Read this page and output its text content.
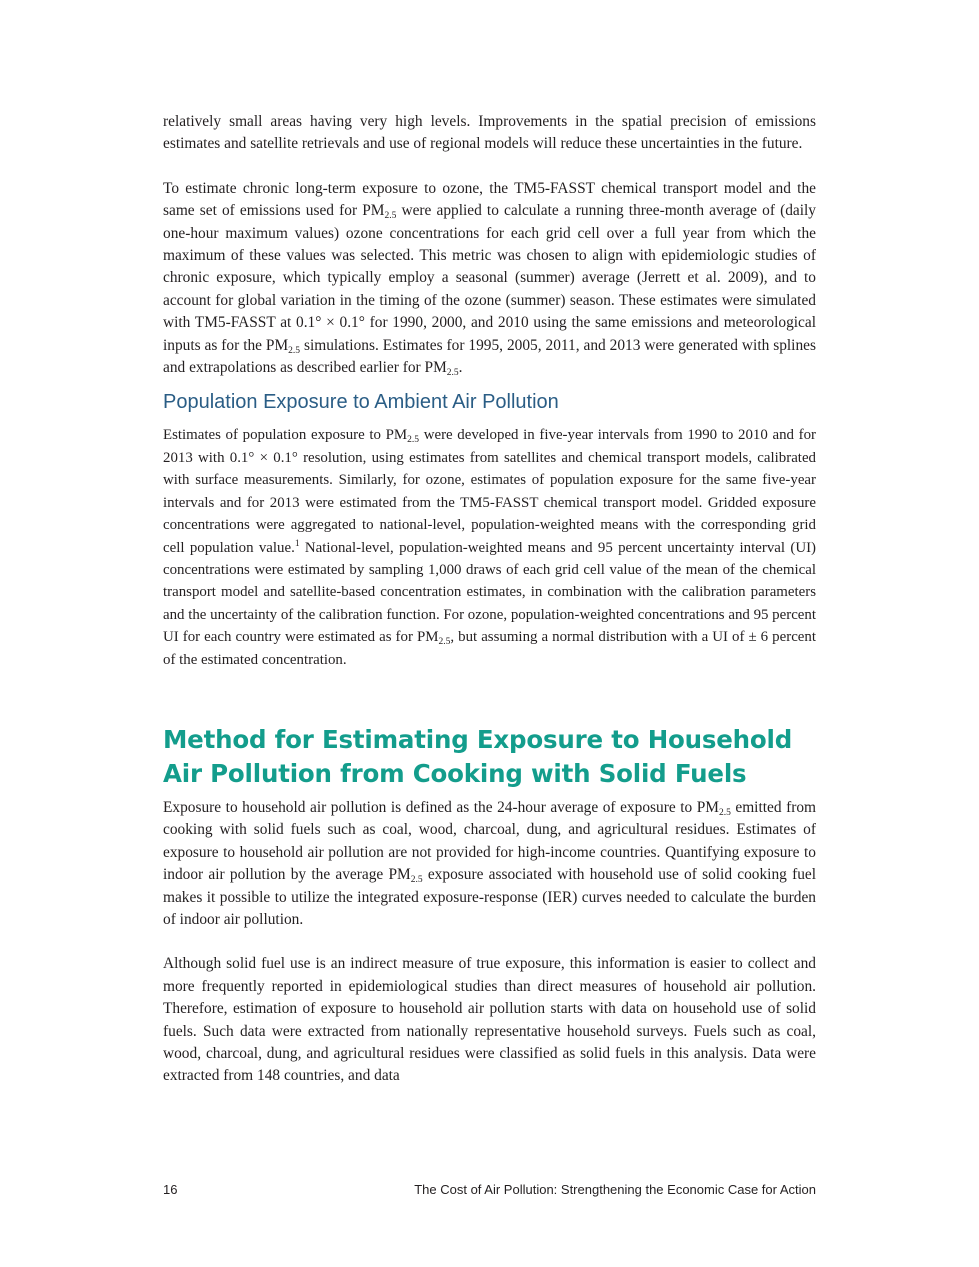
relatively small areas having very high levels. Improvements in the spatial precision of emissions estimates and satellite retrievals and use of regional models will reduce these uncertainties in the future.

To estimate chronic long-term exposure to ozone, the TM5-FASST chemical transport model and the same set of emissions used for $PM_{2.5}$ were applied to calculate a running three-month average of (daily one-hour maximum values) ozone concentrations for each grid cell over a full year from which the maximum of these values was selected. This metric was chosen to align with epidemiologic studies of chronic exposure, which typically employ a seasonal (summer) average (Jerrett et al. 2009), and to account for global variation in the timing of the ozone (summer) season. These estimates were simulated with TM5-FASST at 0.1° × 0.1° for 1990, 2000, and 2010 using the same emissions and meteorological inputs as for the $PM_{2.5}$ simulations. Estimates for 1995, 2005, 2011, and 2013 were generated with splines and extrapolations as described earlier for $PM_{2.5}$.

Population Exposure to Ambient Air Pollution

Estimates of population exposure to $PM_{2.5}$ were developed in five-year intervals from 1990 to 2010 and for 2013 with 0.1° × 0.1° resolution, using estimates from satellites and chemical transport models, calibrated with surface measurements. Similarly, for ozone, estimates of population exposure for the same five-year intervals and for 2013 were estimated from the TM5-FASST chemical transport model. Gridded exposure concentrations were aggregated to national-level, population-weighted means with the corresponding grid cell population value.$^1$ National-level, population-weighted means and 95 percent uncertainty interval (UI) concentrations were estimated by sampling 1,000 draws of each grid cell value of the mean of the chemical transport model and satellite-based concentration estimates, in combination with the calibration parameters and the uncertainty of the calibration function. For ozone, population-weighted concentrations and 95 percent UI for each country were estimated as for $PM_{2.5}$, but assuming a normal distribution with a UI of ± 6 percent of the estimated concentration.

Method for Estimating Exposure to Household Air Pollution from Cooking with Solid Fuels

Exposure to household air pollution is defined as the 24-hour average of exposure to $PM_{2.5}$ emitted from cooking with solid fuels such as coal, wood, charcoal, dung, and agricultural residues. Estimates of exposure to household air pollution are not provided for high-income countries. Quantifying exposure to indoor air pollution by the average $PM_{2.5}$ exposure associated with household use of solid cooking fuel makes it possible to utilize the integrated exposure-response (IER) curves needed to calculate the burden of indoor air pollution.

Although solid fuel use is an indirect measure of true exposure, this information is easier to collect and more frequently reported in epidemiological studies than direct measures of household air pollution. Therefore, estimation of exposure to household air pollution starts with data on household use of solid fuels. Such data were extracted from nationally representative household surveys. Fuels such as coal, wood, charcoal, dung, and agricultural residues were classified as solid fuels in this analysis. Data were extracted from 148 countries, and data

16	The Cost of Air Pollution: Strengthening the Economic Case for Action
